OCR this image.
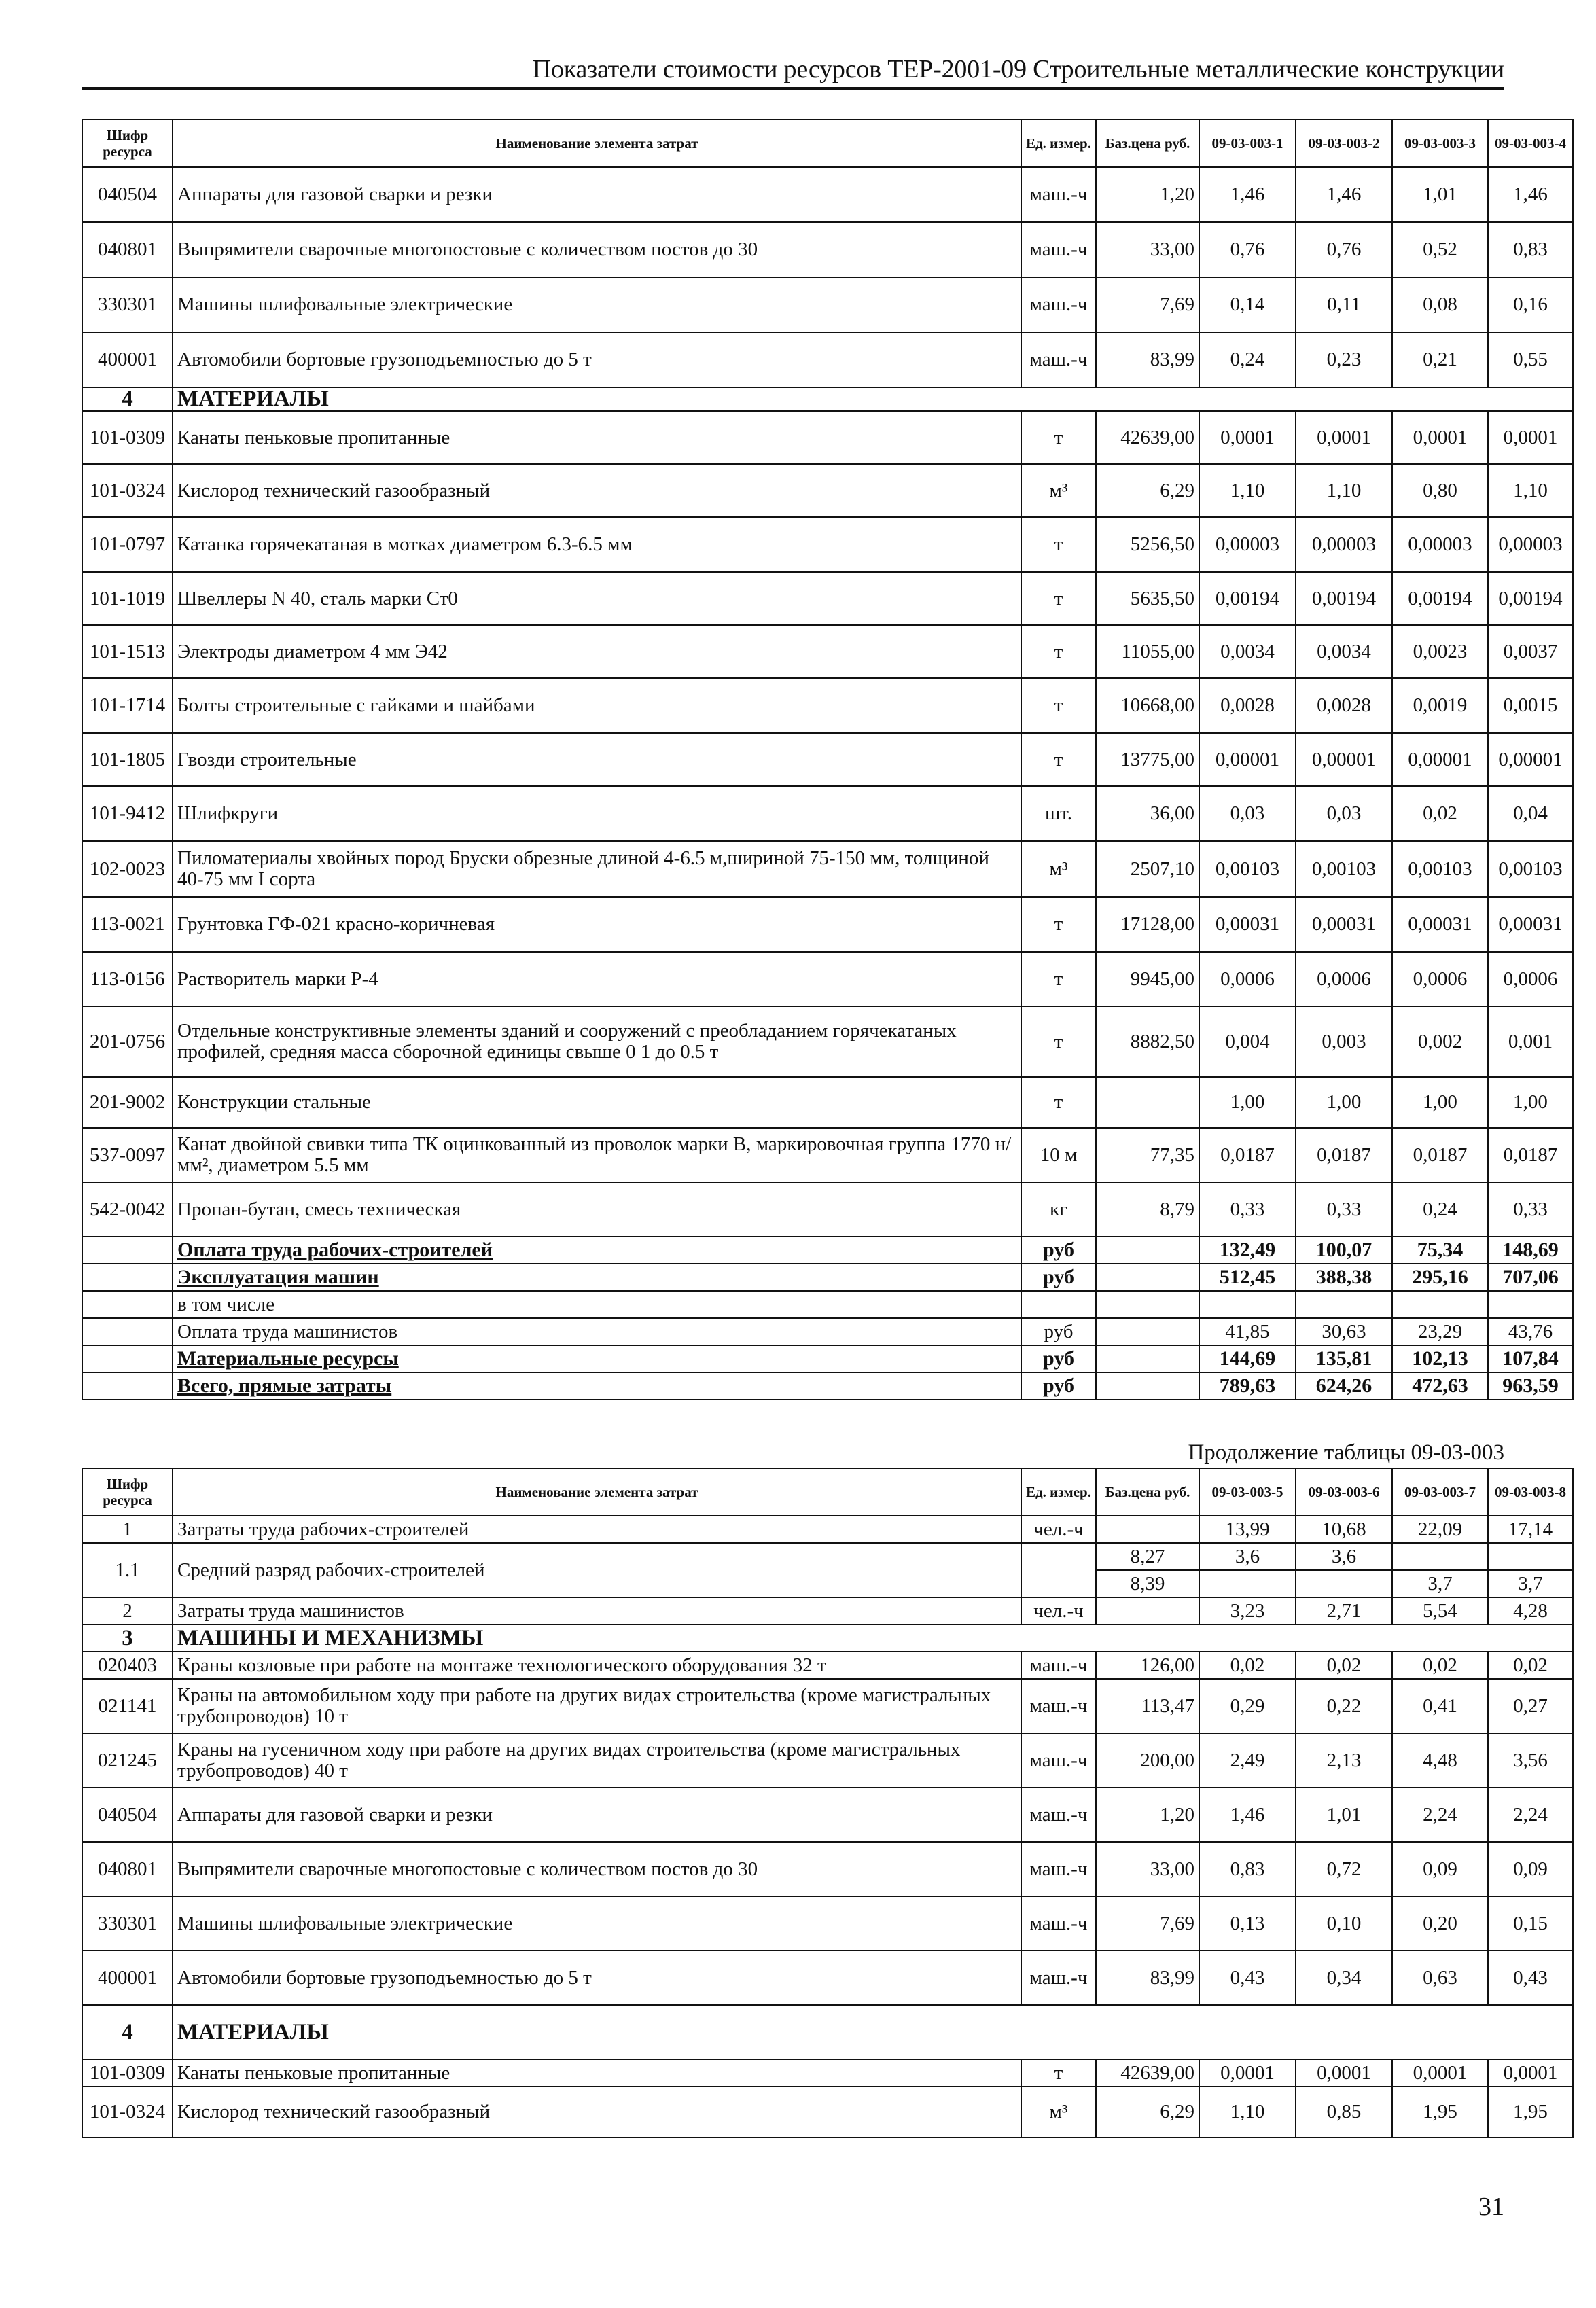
Показатели стоимости ресурсов ТЕР-2001-09 Строительные металлические конструкции
Шифр ресурса	Наименование элемента затрат	Ед. измер.	Баз.цена руб.	09-03-003-1	09-03-003-2	09-03-003-3	09-03-003-4
040504	Аппараты для газовой сварки и резки	маш.-ч	1,20	1,46	1,46	1,01	1,46
040801	Выпрямители сварочные многопостовые с количеством постов до 30	маш.-ч	33,00	0,76	0,76	0,52	0,83
330301	Машины шлифовальные электрические	маш.-ч	7,69	0,14	0,11	0,08	0,16
400001	Автомобили бортовые грузоподъемностью до 5 т	маш.-ч	83,99	0,24	0,23	0,21	0,55
4	МАТЕРИАЛЫ						
101-0309	Канаты пеньковые пропитанные	т	42639,00	0,0001	0,0001	0,0001	0,0001
101-0324	Кислород технический газообразный	м³	6,29	1,10	1,10	0,80	1,10
101-0797	Катанка горячекатаная в мотках диаметром 6.3-6.5 мм	т	5256,50	0,00003	0,00003	0,00003	0,00003
101-1019	Швеллеры N 40, сталь марки Ст0	т	5635,50	0,00194	0,00194	0,00194	0,00194
101-1513	Электроды диаметром 4 мм Э42	т	11055,00	0,0034	0,0034	0,0023	0,0037
101-1714	Болты строительные с гайками и шайбами	т	10668,00	0,0028	0,0028	0,0019	0,0015
101-1805	Гвозди строительные	т	13775,00	0,00001	0,00001	0,00001	0,00001
101-9412	Шлифкруги	шт.	36,00	0,03	0,03	0,02	0,04
102-0023	Пиломатериалы хвойных пород Бруски обрезные длиной 4-6.5 м,шириной 75-150 мм, толщиной 40-75 мм I сорта	м³	2507,10	0,00103	0,00103	0,00103	0,00103
113-0021	Грунтовка ГФ-021 красно-коричневая	т	17128,00	0,00031	0,00031	0,00031	0,00031
113-0156	Растворитель марки Р-4	т	9945,00	0,0006	0,0006	0,0006	0,0006
201-0756	Отдельные конструктивные элементы зданий и сооружений с преобладанием горячекатаных профилей, средняя масса сборочной единицы свыше 0 1 до 0.5 т	т	8882,50	0,004	0,003	0,002	0,001
201-9002	Конструкции стальные	т		1,00	1,00	1,00	1,00
537-0097	Канат двойной свивки типа ТК оцинкованный из проволок марки В, маркировочная группа 1770 н/мм², диаметром 5.5 мм	10 м	77,35	0,0187	0,0187	0,0187	0,0187
542-0042	Пропан-бутан, смесь техническая	кг	8,79	0,33	0,33	0,24	0,33
	Оплата труда рабочих-строителей	руб		132,49	100,07	75,34	148,69
	Эксплуатация машин	руб		512,45	388,38	295,16	707,06
	в том числе						
	Оплата труда машинистов	руб		41,85	30,63	23,29	43,76
	Материальные ресурсы	руб		144,69	135,81	102,13	107,84
	Всего, прямые затраты	руб		789,63	624,26	472,63	963,59
Продолжение таблицы 09-03-003
Шифр ресурса	Наименование элемента затрат	Ед. измер.	Баз.цена руб.	09-03-003-5	09-03-003-6	09-03-003-7	09-03-003-8
1	Затраты труда рабочих-строителей	чел.-ч		13,99	10,68	22,09	17,14
1.1	Средний разряд рабочих-строителей		8,27	3,6	3,6		
			8,39			3,7	3,7
2	Затраты труда машинистов	чел.-ч		3,23	2,71	5,54	4,28
3	МАШИНЫ И МЕХАНИЗМЫ						
020403	Краны козловые при работе на монтаже технологического оборудования 32 т	маш.-ч	126,00	0,02	0,02	0,02	0,02
021141	Краны на автомобильном ходу при работе на других видах строительства (кроме магистральных трубопроводов) 10 т	маш.-ч	113,47	0,29	0,22	0,41	0,27
021245	Краны на гусеничном ходу при работе на других видах строительства (кроме магистральных трубопроводов) 40 т	маш.-ч	200,00	2,49	2,13	4,48	3,56
040504	Аппараты для газовой сварки и резки	маш.-ч	1,20	1,46	1,01	2,24	2,24
040801	Выпрямители сварочные многопостовые с количеством постов до 30	маш.-ч	33,00	0,83	0,72	0,09	0,09
330301	Машины шлифовальные электрические	маш.-ч	7,69	0,13	0,10	0,20	0,15
400001	Автомобили бортовые грузоподъемностью до 5 т	маш.-ч	83,99	0,43	0,34	0,63	0,43
4	МАТЕРИАЛЫ						
101-0309	Канаты пеньковые пропитанные	т	42639,00	0,0001	0,0001	0,0001	0,0001
101-0324	Кислород технический газообразный	м³	6,29	1,10	0,85	1,95	1,95
31
